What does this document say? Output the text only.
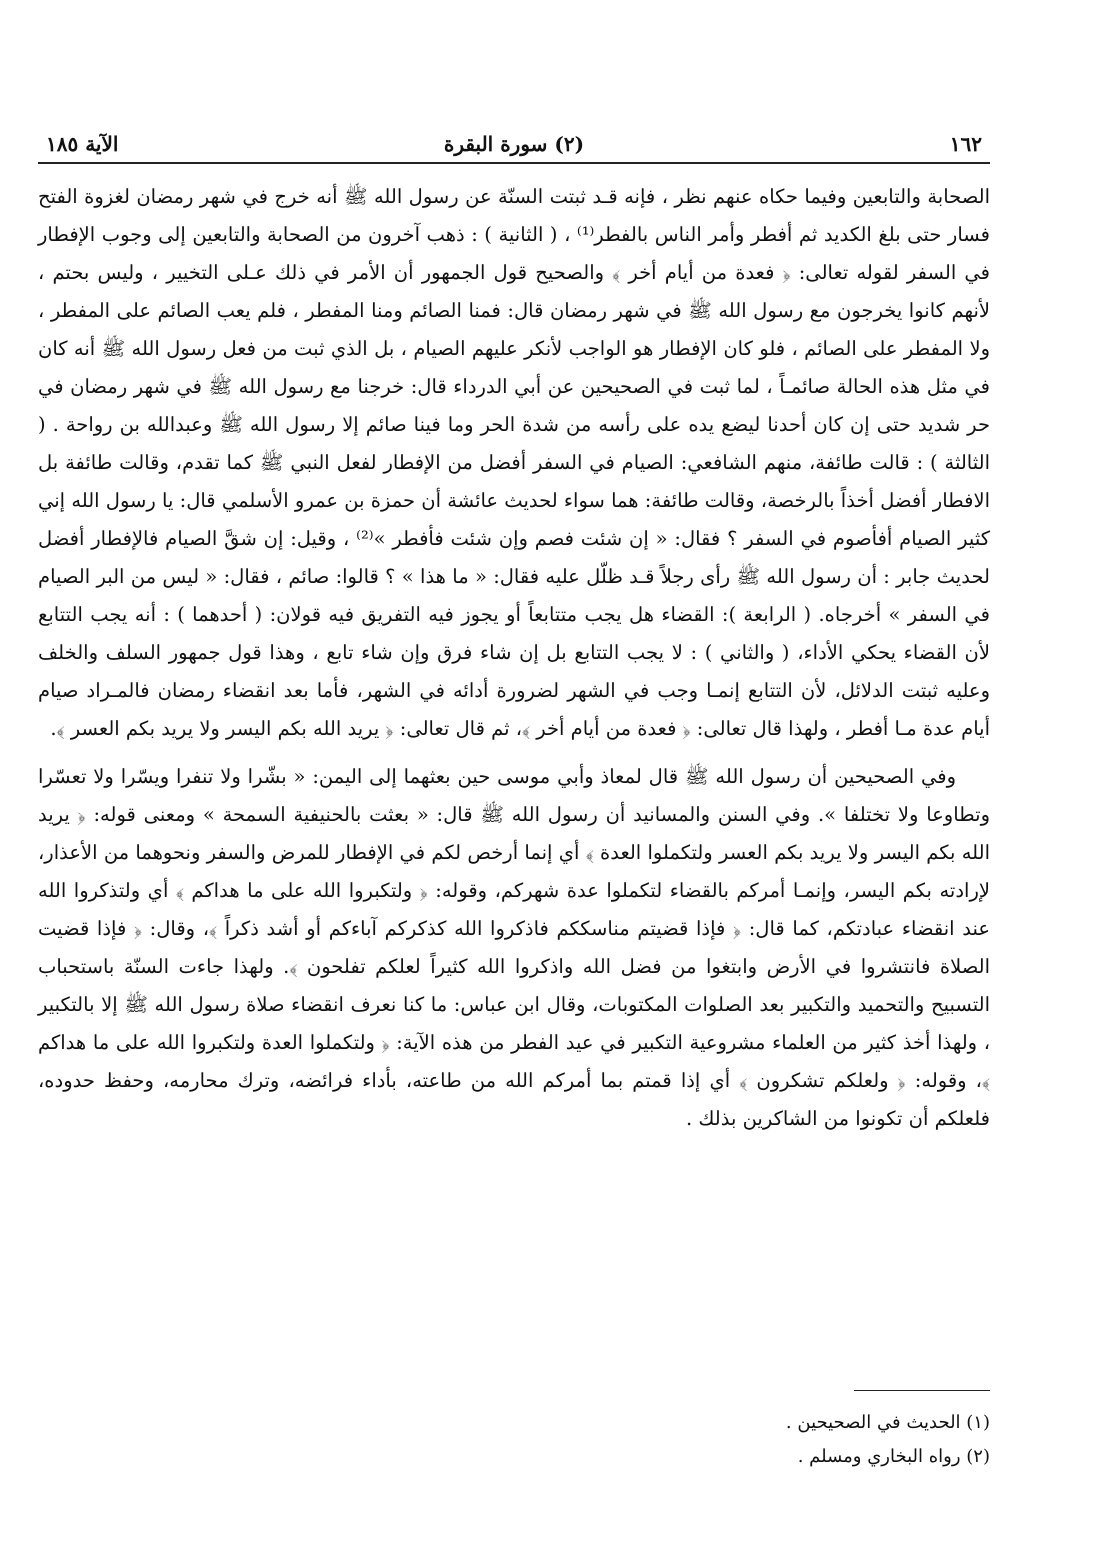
١٦٢
(٢) سورة البقرة
الآية ١٨٥

الصحابة والتابعين وفيما حكاه عنهم نظر ، فإنه قـد ثبتت السنّة عن رسول الله ﷺ أنه خرج في شهر رمضان لغزوة الفتح فسار حتى بلغ الكديد ثم أفطر وأمر الناس بالفطر⁽¹⁾ ، ( الثانية ) : ذهب آخرون من الصحابة والتابعين إلى وجوب الإفطار في السفر لقوله تعالى: ﴿ فعدة من أيام أخر ﴾ والصحيح قول الجمهور أن الأمر في ذلك عـلى التخيير ، وليس بحتم ، لأنهم كانوا يخرجون مع رسول الله ﷺ في شهر رمضان قال: فمنا الصائم ومنا المفطر ، فلم يعب الصائم على المفطر ، ولا المفطر على الصائم ، فلو كان الإفطار هو الواجب لأنكر عليهم الصيام ، بل الذي ثبت من فعل رسول الله ﷺ أنه كان في مثل هذه الحالة صائمـاً ، لما ثبت في الصحيحين عن أبي الدرداء قال: خرجنا مع رسول الله ﷺ في شهر رمضان في حر شديد حتى إن كان أحدنا ليضع يده على رأسه من شدة الحر وما فينا صائم إلا رسول الله ﷺ وعبدالله بن رواحة . ( الثالثة ) : قالت طائفة، منهم الشافعي: الصيام في السفر أفضل من الإفطار لفعل النبي ﷺ كما تقدم، وقالت طائفة بل الافطار أفضل أخذاً بالرخصة، وقالت طائفة: هما سواء لحديث عائشة أن حمزة بن عمرو الأسلمي قال: يا رسول الله إني كثير الصيام أفأصوم في السفر ؟ فقال: « إن شئت فصم وإن شئت فأفطر »⁽²⁾ ، وقيل: إن شقَّ الصيام فالإفطار أفضل لحديث جابر : أن رسول الله ﷺ رأى رجلاً قـد ظلّل عليه فقال: « ما هذا » ؟ قالوا: صائم ، فقال: « ليس من البر الصيام في السفر » أخرجاه. ( الرابعة ): القضاء هل يجب متتابعاً أو يجوز فيه التفريق فيه قولان: ( أحدهما ) : أنه يجب التتابع لأن القضاء يحكي الأداء، ( والثاني ) : لا يجب التتابع بل إن شاء فرق وإن شاء تابع ، وهذا قول جمهور السلف والخلف وعليه ثبتت الدلائل، لأن التتابع إنمـا وجب في الشهر لضرورة أدائه في الشهر، فأما بعد انقضاء رمضان فالمـراد صيام أيام عدة مـا أفطر ، ولهذا قال تعالى: ﴿ فعدة من أيام أخر ﴾، ثم قال تعالى: ﴿ يريد الله بكم اليسر ولا يريد بكم العسر ﴾.

وفي الصحيحين أن رسول الله ﷺ قال لمعاذ وأبي موسى حين بعثهما إلى اليمن: « بشّرا ولا تنفرا ويسّرا ولا تعسّرا وتطاوعا ولا تختلفا ». وفي السنن والمسانيد أن رسول الله ﷺ قال: « بعثت بالحنيفية السمحة » ومعنى قوله: ﴿ يريد الله بكم اليسر ولا يريد بكم العسر ولتكملوا العدة ﴾ أي إنما أرخص لكم في الإفطار للمرض والسفر ونحوهما من الأعذار، لإرادته بكم اليسر، وإنمـا أمركم بالقضاء لتكملوا عدة شهركم، وقوله: ﴿ ولتكبروا الله على ما هداكم ﴾ أي ولتذكروا الله عند انقضاء عبادتكم، كما قال: ﴿ فإذا قضيتم مناسككم فاذكروا الله كذكركم آباءكم أو أشد ذكراً ﴾، وقال: ﴿ فإذا قضيت الصلاة فانتشروا في الأرض وابتغوا من فضل الله واذكروا الله كثيراً لعلكم تفلحون ﴾. ولهذا جاءت السنّة باستحباب التسبيح والتحميد والتكبير بعد الصلوات المكتوبات، وقال ابن عباس: ما كنا نعرف انقضاء صلاة رسول الله ﷺ إلا بالتكبير ، ولهذا أخذ كثير من العلماء مشروعية التكبير في عيد الفطر من هذه الآية: ﴿ ولتكملوا العدة ولتكبروا الله على ما هداكم ﴾، وقوله: ﴿ ولعلكم تشكرون ﴾ أي إذا قمتم بما أمركم الله من طاعته، بأداء فرائضه، وترك محارمه، وحفظ حدوده، فلعلكم أن تكونوا من الشاكرين بذلك .

(١) الحديث في الصحيحين .
(٢) رواه البخاري ومسلم .
